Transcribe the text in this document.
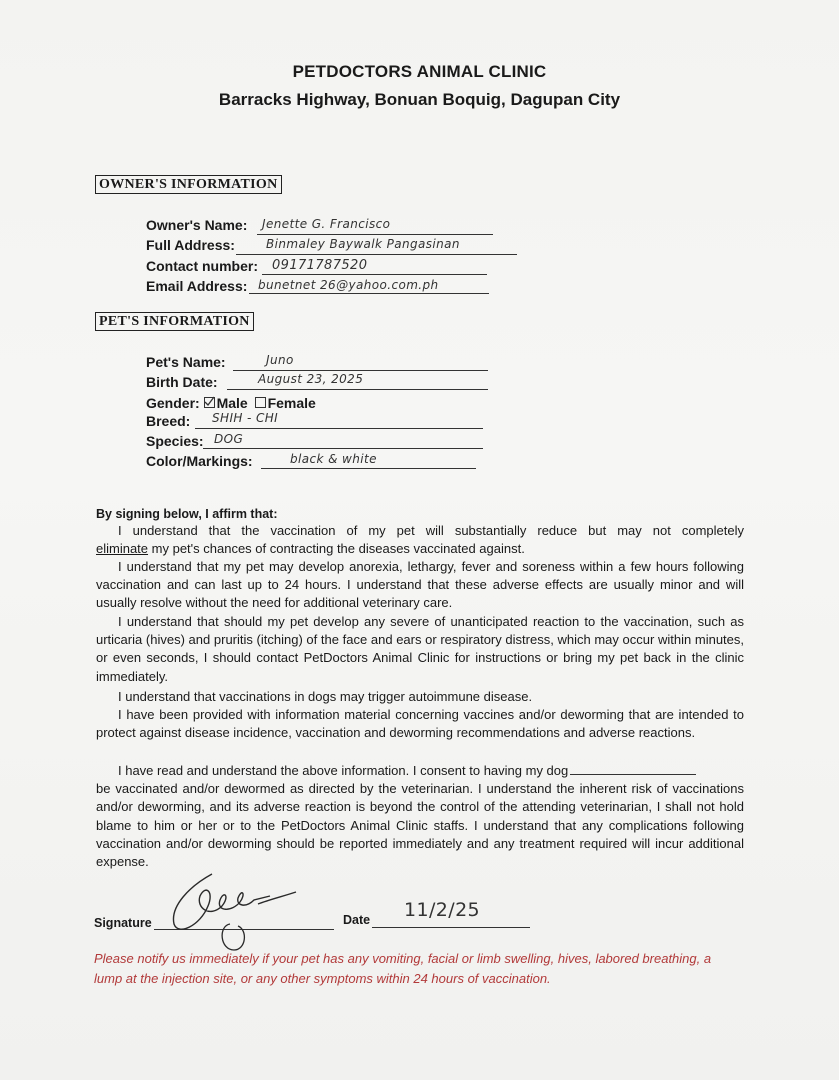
PETDOCTORS ANIMAL CLINIC
Barracks Highway, Bonuan Boquig, Dagupan City
OWNER'S INFORMATION
Owner's Name: Jenette G. Francisco
Full Address:	Binmaley Baywalk Pangasinan
Contact number: 09171787520
Email Address: bunetnet 26@yahoo.com.ph
PET'S INFORMATION
Pet's Name:	Juno
Birth Date:	August 23, 2025
Gender: Male Female
Breed: SHIH - CHI
Species: DOG
Color/Markings:	black & white
By signing below, I affirm that:
I understand that the vaccination of my pet will substantially reduce but may not completely
eliminate my pet's chances of contracting the diseases vaccinated against.

I understand that my pet may develop anorexia, lethargy, fever and soreness within a few hours following vaccination and can last up to 24 hours. I understand that these adverse effects are usually minor and will usually resolve without the need for additional veterinary care.

I understand that should my pet develop any severe of unanticipated reaction to the vaccination, such as urticaria (hives) and pruritis (itching) of the face and ears or respiratory distress, which may occur within minutes, or even seconds, I should contact PetDoctors Animal Clinic for instructions or bring my pet back in the clinic immediately.

I understand that vaccinations in dogs may trigger autoimmune disease.

I have been provided with information material concerning vaccines and/or deworming that are intended to protect against disease incidence, vaccination and deworming recommendations and adverse reactions.

I have read and understand the above information. I consent to having my dog
be vaccinated and/or dewormed as directed by the veterinarian. I understand the inherent risk of vaccinations and/or deworming, and its adverse reaction is beyond the control of the attending veterinarian, I shall not hold blame to him or her or to the PetDoctors Animal Clinic staffs. I understand that any complications following vaccination and/or deworming should be reported immediately and any treatment required will incur additional expense.
Signature	Date 11/2/25
Please notify us immediately if your pet has any vomiting, facial or limb swelling, hives, labored breathing, a lump at the injection site, or any other symptoms within 24 hours of vaccination.
